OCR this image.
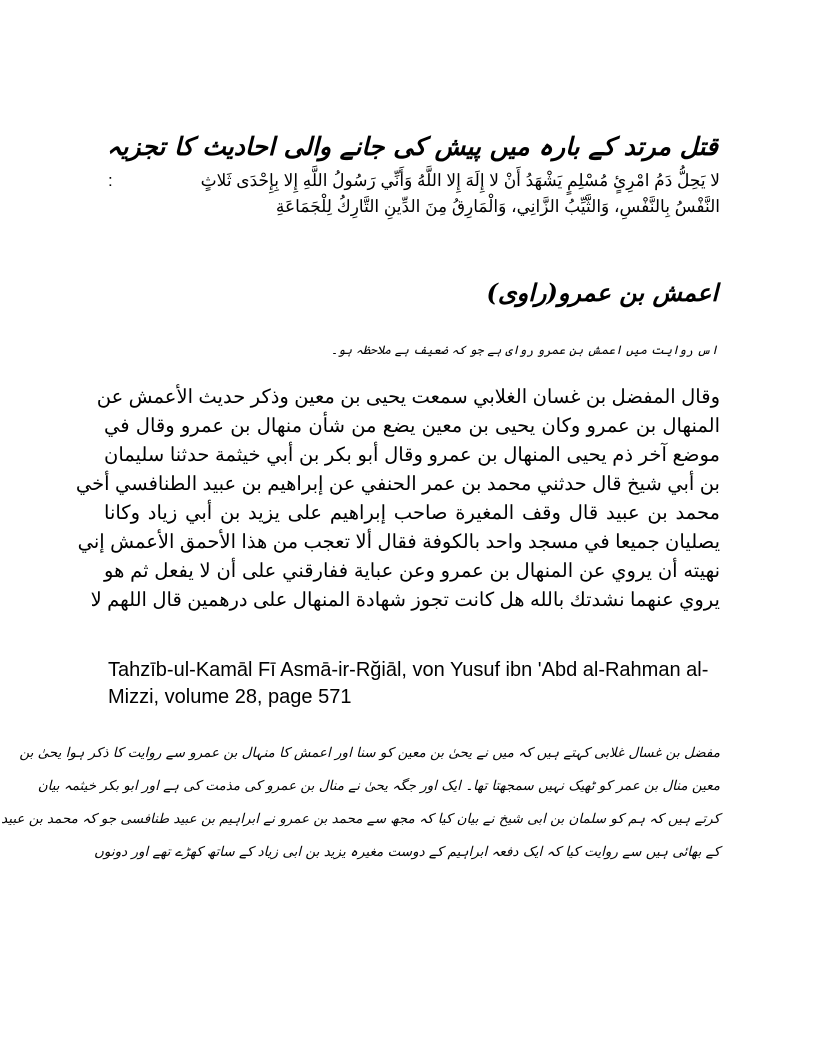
قتل مرتد کے بارہ میں پیش کی جانے والی احادیث کا تجزیہ
:	لا يَحِلُّ دَمُ امْرِئٍ مُسْلِمٍ يَشْهَدُ أَنْ لا إِلَهَ إِلا اللَّهُ وَأَنِّي رَسُولُ اللَّهِ إِلا بِإِحْدَى ثَلاثٍ
النَّفْسُ بِالنَّفْسِ، وَالثَّيِّبُ الزَّانِي، وَالْمَارِقُ مِنَ الدِّينِ التَّارِكُ لِلْجَمَاعَةِ
اعمش بن عمرو(راوی)
اس روایت میں اعمش بن عمرو روای ہے جو کہ ضعیف ہے ملاحظہ ہو۔
وقال المفضل بن غسان الغلابي سمعت يحيى بن معين وذكر حديث الأعمش عن
المنهال بن عمرو وكان يحيى بن معين يضع من شأن منهال بن عمرو وقال في
موضع آخر ذم يحيى المنهال بن عمرو وقال أبو بكر بن أبي خيثمة حدثنا سليمان
بن أبي شيخ قال حدثني محمد بن عمر الحنفي عن إبراهيم بن عبيد الطنافسي أخي
محمد بن عبيد قال وقف المغيرة صاحب إبراهيم على يزيد بن أبي زياد وكانا
يصليان جميعا في مسجد واحد بالكوفة فقال ألا تعجب من هذا الأحمق الأعمش إني
نهيته أن يروي عن المنهال بن عمرو وعن عباية ففارقني على أن لا يفعل ثم هو
يروي عنهما نشدتك بالله هل كانت تجوز شهادة المنهال على درهمين قال اللهم لا
Tahzīb-ul-Kamāl Fī Asmā-ir-Rğiāl, von Yusuf ibn 'Abd al-Rahman al-Mizzi, volume 28, page 571
مفضل بن غسال غلابی کہتے ہیں کہ میں نے یحیٰ بن معین کو سنا اور اعمش کا منہال بن عمرو سے روایت کا ذکر ہوا یحیٰ بن
معین منال بن عمر کو ٹھیک نہیں سمجھتا تھا۔ ایک اور جگہ یحیٰ نے منال بن عمرو کی مذمت کی ہے اور ابو بکر خیثمہ بیان
کرتے ہیں کہ ہم کو سلمان بن ابی شیخ نے بیان کیا کہ مجھ سے محمد بن عمرو نے ابراہیم بن عبید طنافسی جو کہ محمد بن عبید
کے بھائی ہیں سے روایت کیا کہ ایک دفعہ ابراہیم کے دوست مغیرہ یزید بن ابی زیاد کے ساتھ کھڑے تھے اور دونوں
